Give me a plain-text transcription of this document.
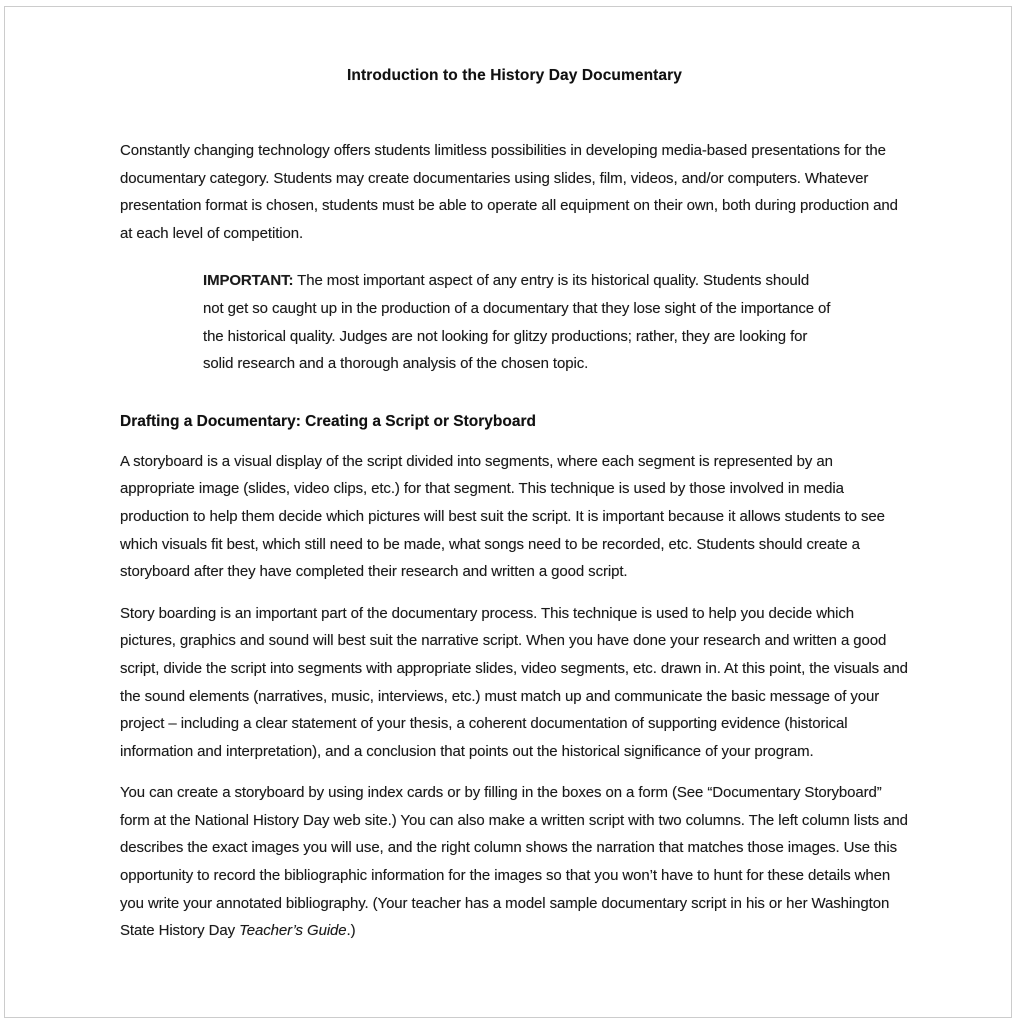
Introduction to the History Day Documentary

Constantly changing technology offers students limitless possibilities in developing media-based presentations for the documentary category. Students may create documentaries using slides, film, videos, and/or computers. Whatever presentation format is chosen, students must be able to operate all equipment on their own, both during production and at each level of competition.

IMPORTANT: The most important aspect of any entry is its historical quality. Students should not get so caught up in the production of a documentary that they lose sight of the importance of the historical quality. Judges are not looking for glitzy productions; rather, they are looking for solid research and a thorough analysis of the chosen topic.

Drafting a Documentary: Creating a Script or Storyboard

A storyboard is a visual display of the script divided into segments, where each segment is represented by an appropriate image (slides, video clips, etc.) for that segment. This technique is used by those involved in media production to help them decide which pictures will best suit the script. It is important because it allows students to see which visuals fit best, which still need to be made, what songs need to be recorded, etc. Students should create a storyboard after they have completed their research and written a good script.

Story boarding is an important part of the documentary process. This technique is used to help you decide which pictures, graphics and sound will best suit the narrative script. When you have done your research and written a good script, divide the script into segments with appropriate slides, video segments, etc. drawn in. At this point, the visuals and the sound elements (narratives, music, interviews, etc.) must match up and communicate the basic message of your project – including a clear statement of your thesis, a coherent documentation of supporting evidence (historical information and interpretation), and a conclusion that points out the historical significance of your program.

You can create a storyboard by using index cards or by filling in the boxes on a form (See “Documentary Storyboard” form at the National History Day web site.) You can also make a written script with two columns. The left column lists and describes the exact images you will use, and the right column shows the narration that matches those images. Use this opportunity to record the bibliographic information for the images so that you won’t have to hunt for these details when you write your annotated bibliography. (Your teacher has a model sample documentary script in his or her Washington State History Day Teacher’s Guide.)
